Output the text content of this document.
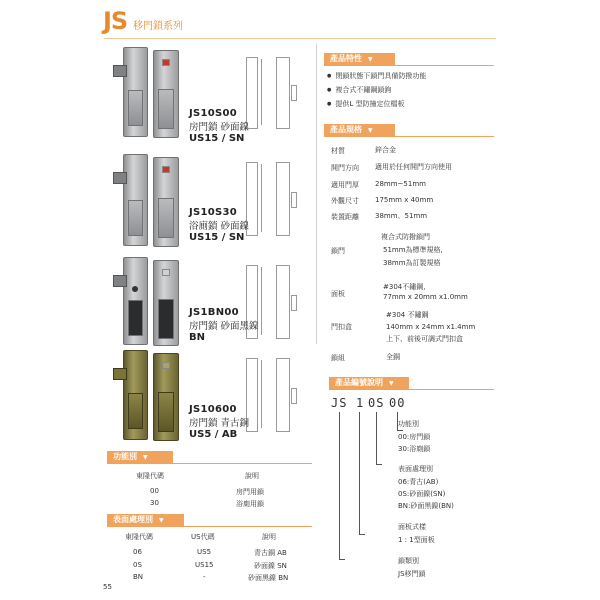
JS 移門鎖系列
JS10S00
房門鎖 砂面鎳
US15 / SN
JS10S30
浴廁鎖 砂面鎳
US15 / SN
JS1BN00
房門鎖 砂面黑鎳
BN
JS10600
房門鎖 青古銅
US5 / AB
功能別 ▼
東隆代碼	說明
00	房門用鎖
30	浴廁用鎖
表面處理別 ▼
東隆代碼	US代碼	說明
06	US5	青古銅 AB
0S	US15	砂面鎳 SN
BN	-	砂面黑鎳 BN
55
產品特性 ▼
● 閉鎖狀態下鎖門具備防撥功能
● 複合式不鏽鋼鎖鉤
● 提供L 型防撞定位檔板
產品規格 ▼
材質	鋅合金
開門方向 適用於任何開門方向使用
適用門厚 28mm~51mm
外觀尺寸 175mm x 40mm
裝置距離 38mm、51mm
鎖門
複合式防撥鎖門
51mm為標準規格,
38mm為訂製規格
面板
#304不鏽鋼,
77mm x 20mm x1.0mm
門扣盒
#304 不鏽鋼
140mm x 24mm x1.4mm
上下、前後可調式門扣盒
鎖組	全銅
產品編號說明 ▼
JS 1 0S 00
功能別
00:房門鎖
30:浴廁鎖
表面處理別
06:青古(AB)
0S:砂面鎳(SN)
BN:砂面黑鎳(BN)
面板式樣
1 : 1型面板
鎖類別
JS移門鎖
